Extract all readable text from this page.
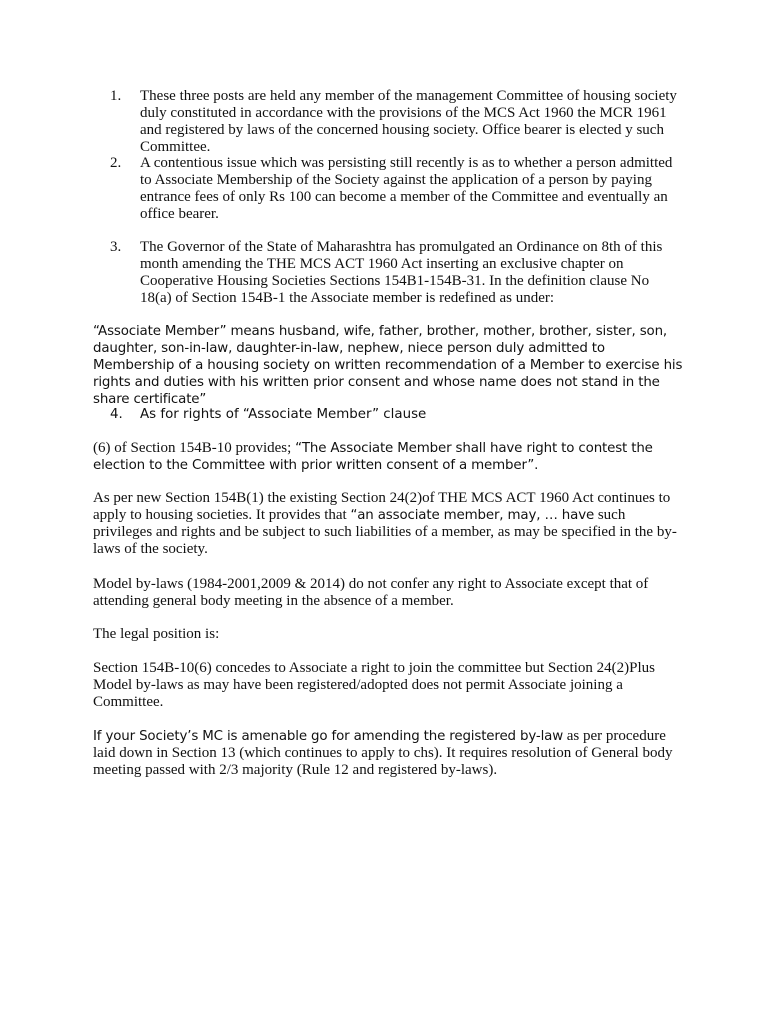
1.	These three posts are held any member of the management Committee of housing society duly constituted in accordance with the provisions of the MCS Act 1960 the MCR 1961 and registered by laws of the concerned housing society. Office bearer is elected y such Committee.
2.	A contentious issue which was persisting still recently is as to whether a person admitted to Associate Membership of the Society against the application of a person by paying entrance fees of only Rs 100 can become a member of the Committee and eventually an office bearer.
3.	The Governor of the State of Maharashtra has promulgated an Ordinance on 8th of this month amending the THE MCS ACT 1960 Act inserting an exclusive chapter on Cooperative Housing Societies Sections 154B1-154B-31. In the definition clause No 18(a) of Section 154B-1 the Associate member is redefined as under:
“Associate Member” means husband, wife, father, brother, mother, brother, sister, son, daughter, son-in-law, daughter-in-law, nephew, niece person duly admitted to Membership of a housing society on written recommendation of a Member to exercise his rights and duties with his written prior consent and whose name does not stand in the share certificate”
4.	As for rights of “Associate Member” clause
(6) of Section 154B-10 provides; “The Associate Member shall have right to contest the election to the Committee with prior written consent of a member”.
As per new Section 154B(1) the existing Section 24(2)of THE MCS ACT 1960 Act continues to apply to housing societies. It provides that “an associate member, may, … have such privileges and rights and be subject to such liabilities of a member, as may be specified in the by-laws of the society.
Model by-laws (1984-2001,2009 & 2014) do not confer any right to Associate except that of attending general body meeting in the absence of a member.
The legal position is:
Section 154B-10(6) concedes to Associate a right to join the committee but Section 24(2)Plus Model by-laws as may have been registered/adopted does not permit Associate joining a Committee.
If your Society’s MC is amenable go for amending the registered by-law as per procedure laid down in Section 13 (which continues to apply to chs). It requires resolution of General body meeting passed with 2/3 majority (Rule 12 and registered by-laws).
